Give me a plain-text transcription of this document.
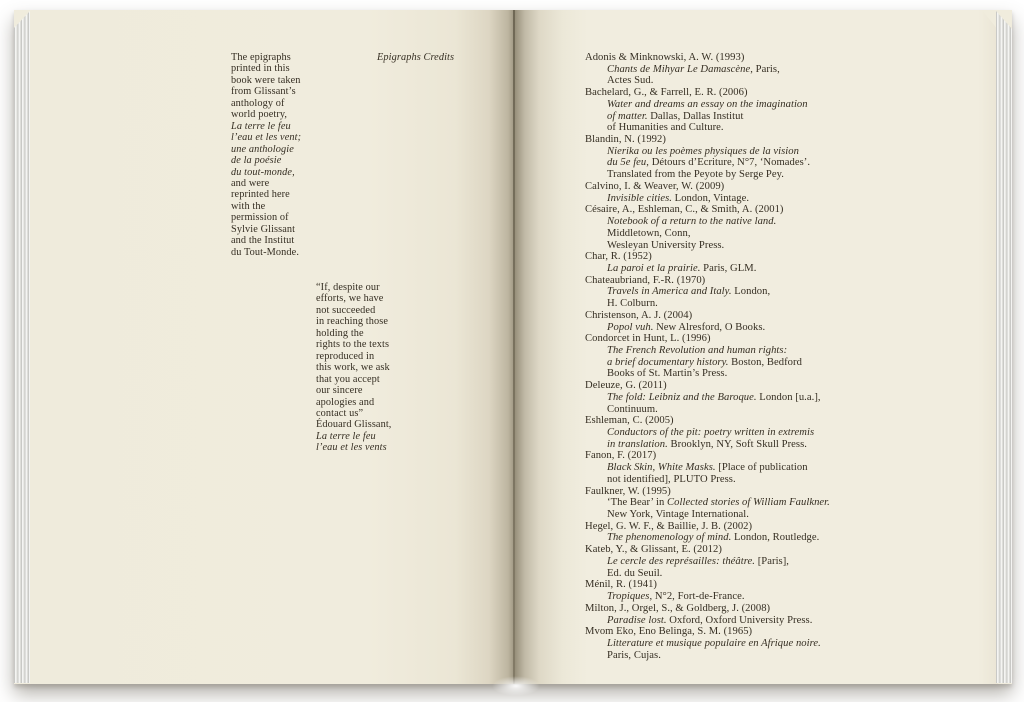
The epigraphs
printed in this
book were taken
from Glissant’s
anthology of
world poetry,
La terre le feu
l’eau et les vent;
une anthologie
de la poésie
du tout-monde,
and were
reprinted here
with the
permission of
Sylvie Glissant
and the Institut
du Tout-Monde.
Epigraphs Credits
“If, despite our
efforts, we have
not succeeded
in reaching those
holding the
rights to the texts
reproduced in
this work, we ask
that you accept
our sincere
apologies and
contact us”
Édouard Glissant,
La terre le feu
l’eau et les vents
Adonis & Minknowski, A. W. (1993)
Chants de Mihyar Le Damascène, Paris,
Actes Sud.
Bachelard, G., & Farrell, E. R. (2006)
Water and dreams an essay on the imagination
of matter. Dallas, Dallas Institut
of Humanities and Culture.
Blandin, N. (1992)
Nierika ou les poèmes physiques de la vision
du 5e feu, Détours d’Ecriture, N°7, ‘Nomades’.
Translated from the Peyote by Serge Pey.
Calvino, I. & Weaver, W. (2009)
Invisible cities. London, Vintage.
Césaire, A., Eshleman, C., & Smith, A. (2001)
Notebook of a return to the native land.
Middletown, Conn,
Wesleyan University Press.
Char, R. (1952)
La paroi et la prairie. Paris, GLM.
Chateaubriand, F.-R. (1970)
Travels in America and Italy. London,
H. Colburn.
Christenson, A. J. (2004)
Popol vuh. New Alresford, O Books.
Condorcet in Hunt, L. (1996)
The French Revolution and human rights:
a brief documentary history. Boston, Bedford
Books of St. Martin’s Press.
Deleuze, G. (2011)
The fold: Leibniz and the Baroque. London [u.a.],
Continuum.
Eshleman, C. (2005)
Conductors of the pit: poetry written in extremis
in translation. Brooklyn, NY, Soft Skull Press.
Fanon, F. (2017)
Black Skin, White Masks. [Place of publication
not identified], PLUTO Press.
Faulkner, W. (1995)
‘The Bear’ in Collected stories of William Faulkner.
New York, Vintage International.
Hegel, G. W. F., & Baillie, J. B. (2002)
The phenomenology of mind. London, Routledge.
Kateb, Y., & Glissant, E. (2012)
Le cercle des représailles: théâtre. [Paris],
Ed. du Seuil.
Ménil, R. (1941)
Tropiques, N°2, Fort-de-France.
Milton, J., Orgel, S., & Goldberg, J. (2008)
Paradise lost. Oxford, Oxford University Press.
Mvom Eko, Eno Belinga, S. M. (1965)
Litterature et musique populaire en Afrique noire.
Paris, Cujas.
